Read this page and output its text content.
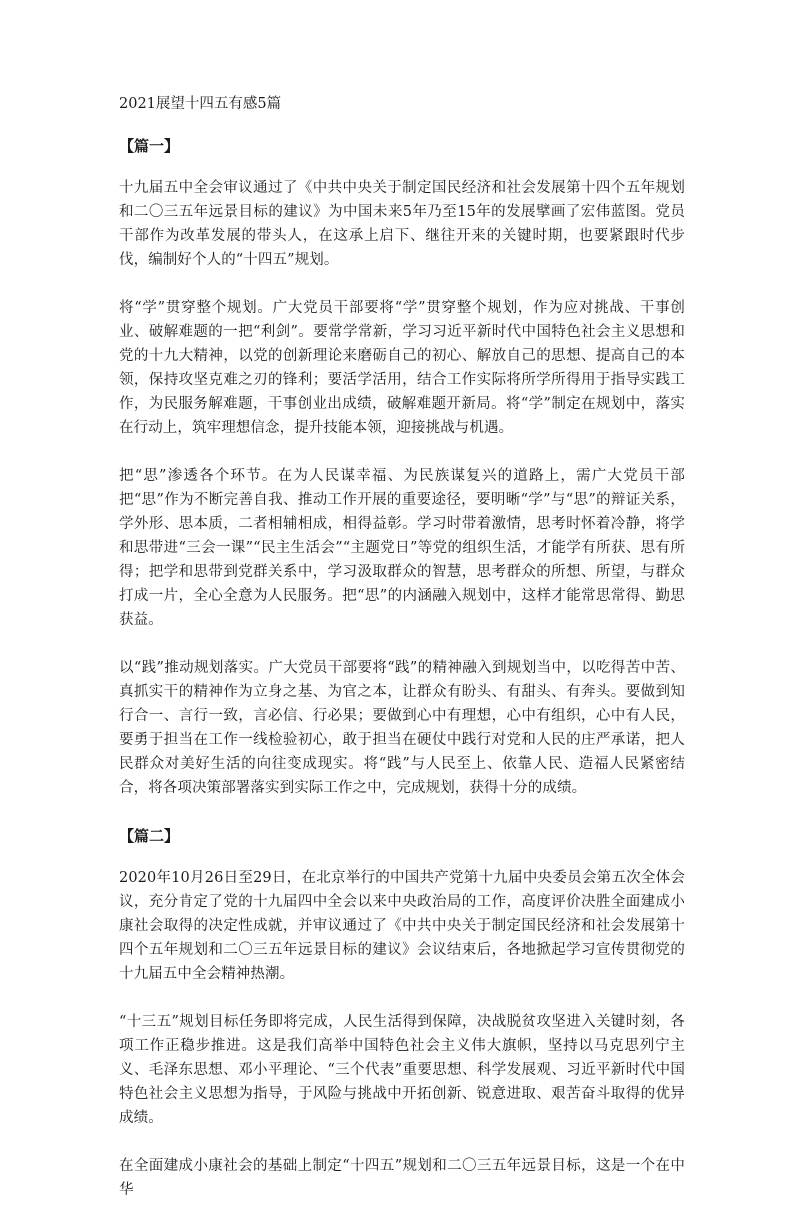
2021展望十四五有感5篇

【篇一】

十九届五中全会审议通过了《中共中央关于制定国民经济和社会发展第十四个五年规划和二〇三五年远景目标的建议》为中国未来5年乃至15年的发展擘画了宏伟蓝图。党员干部作为改革发展的带头人，在这承上启下、继往开来的关键时期，也要紧跟时代步伐，编制好个人的“十四五”规划。

将“学”贯穿整个规划。广大党员干部要将“学”贯穿整个规划，作为应对挑战、干事创业、破解难题的一把“利剑”。要常学常新，学习习近平新时代中国特色社会主义思想和党的十九大精神，以党的创新理论来磨砺自己的初心、解放自己的思想、提高自己的本领，保持攻坚克难之刃的锋利；要活学活用，结合工作实际将所学所得用于指导实践工作，为民服务解难题，干事创业出成绩，破解难题开新局。将“学”制定在规划中，落实在行动上，筑牢理想信念，提升技能本领，迎接挑战与机遇。

把“思”渗透各个环节。在为人民谋幸福、为民族谋复兴的道路上，需广大党员干部把“思”作为不断完善自我、推动工作开展的重要途径，要明晰“学”与“思”的辩证关系，学外形、思本质，二者相辅相成，相得益彰。学习时带着激情，思考时怀着冷静，将学和思带进“三会一课”“民主生活会”“主题党日”等党的组织生活，才能学有所获、思有所得；把学和思带到党群关系中，学习汲取群众的智慧，思考群众的所想、所望，与群众打成一片，全心全意为人民服务。把“思”的内涵融入规划中，这样才能常思常得、勤思获益。

以“践”推动规划落实。广大党员干部要将“践”的精神融入到规划当中，以吃得苦中苦、真抓实干的精神作为立身之基、为官之本，让群众有盼头、有甜头、有奔头。要做到知行合一、言行一致，言必信、行必果；要做到心中有理想，心中有组织，心中有人民，要勇于担当在工作一线检验初心，敢于担当在硬仗中践行对党和人民的庄严承诺，把人民群众对美好生活的向往变成现实。将“践”与人民至上、依靠人民、造福人民紧密结合，将各项决策部署落实到实际工作之中，完成规划，获得十分的成绩。

【篇二】

2020年10月26日至29日，在北京举行的中国共产党第十九届中央委员会第五次全体会议，充分肯定了党的十九届四中全会以来中央政治局的工作，高度评价决胜全面建成小康社会取得的决定性成就，并审议通过了《中共中央关于制定国民经济和社会发展第十四个五年规划和二〇三五年远景目标的建议》会议结束后，各地掀起学习宣传贯彻党的十九届五中全会精神热潮。

“十三五”规划目标任务即将完成，人民生活得到保障，决战脱贫攻坚进入关键时刻，各项工作正稳步推进。这是我们高举中国特色社会主义伟大旗帜，坚持以马克思列宁主义、毛泽东思想、邓小平理论、“三个代表”重要思想、科学发展观、习近平新时代中国特色社会主义思想为指导，于风险与挑战中开拓创新、锐意进取、艰苦奋斗取得的优异成绩。

在全面建成小康社会的基础上制定“十四五”规划和二〇三五年远景目标，这是一个在中华
